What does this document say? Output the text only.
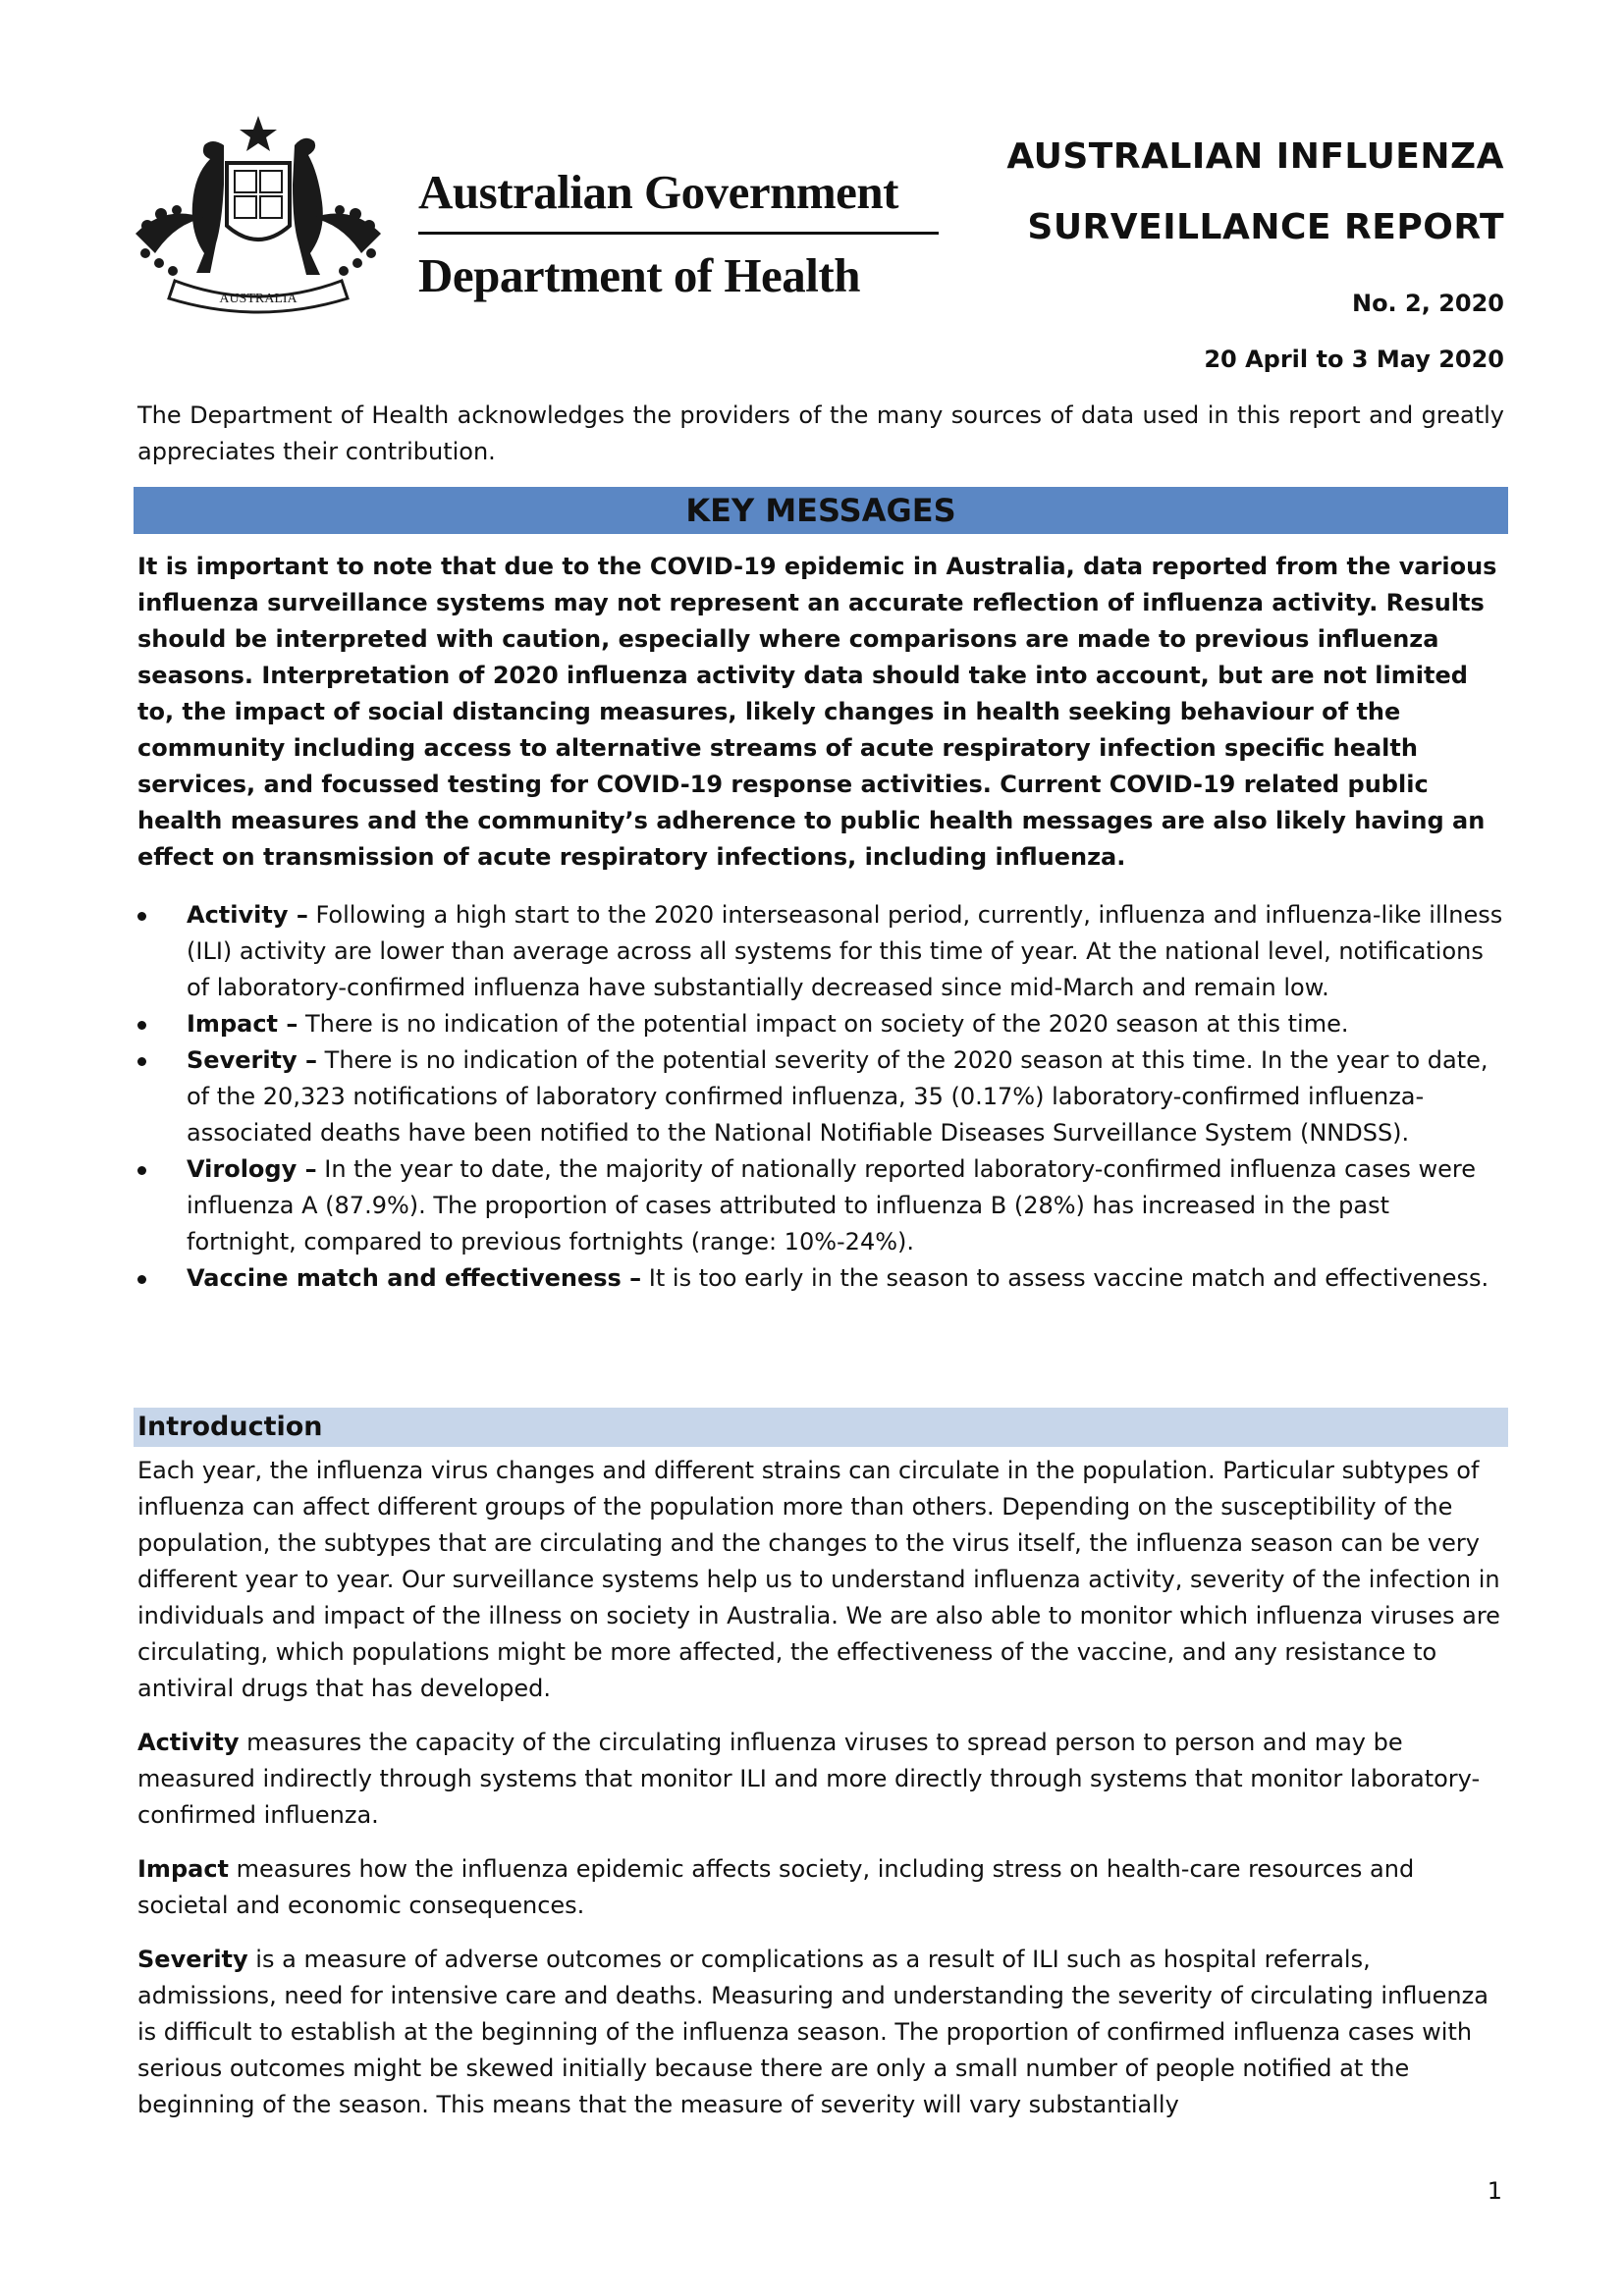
AUSTRALIA
Australian Government
Department of Health
AUSTRALIAN INFLUENZA
SURVEILLANCE REPORT
No. 2, 2020
20 April to 3 May 2020

The Department of Health acknowledges the providers of the many sources of data used in this report and greatly appreciates their contribution.

KEY MESSAGES

It is important to note that due to the COVID-19 epidemic in Australia, data reported from the various influenza surveillance systems may not represent an accurate reflection of influenza activity. Results should be interpreted with caution, especially where comparisons are made to previous influenza seasons. Interpretation of 2020 influenza activity data should take into account, but are not limited to, the impact of social distancing measures, likely changes in health seeking behaviour of the community including access to alternative streams of acute respiratory infection specific health services, and focussed testing for COVID-19 response activities. Current COVID-19 related public health measures and the community’s adherence to public health messages are also likely having an effect on transmission of acute respiratory infections, including influenza.

Activity – Following a high start to the 2020 interseasonal period, currently, influenza and influenza-like illness (ILI) activity are lower than average across all systems for this time of year. At the national level, notifications of laboratory-confirmed influenza have substantially decreased since mid-March and remain low.
Impact – There is no indication of the potential impact on society of the 2020 season at this time.
Severity – There is no indication of the potential severity of the 2020 season at this time. In the year to date, of the 20,323 notifications of laboratory confirmed influenza, 35 (0.17%) laboratory-confirmed influenza-associated deaths have been notified to the National Notifiable Diseases Surveillance System (NNDSS).
Virology – In the year to date, the majority of nationally reported laboratory-confirmed influenza cases were influenza A (87.9%). The proportion of cases attributed to influenza B (28%) has increased in the past fortnight, compared to previous fortnights (range: 10%-24%).
Vaccine match and effectiveness – It is too early in the season to assess vaccine match and effectiveness.
Introduction

Each year, the influenza virus changes and different strains can circulate in the population. Particular subtypes of influenza can affect different groups of the population more than others. Depending on the susceptibility of the population, the subtypes that are circulating and the changes to the virus itself, the influenza season can be very different year to year. Our surveillance systems help us to understand influenza activity, severity of the infection in individuals and impact of the illness on society in Australia. We are also able to monitor which influenza viruses are circulating, which populations might be more affected, the effectiveness of the vaccine, and any resistance to antiviral drugs that has developed.

Activity measures the capacity of the circulating influenza viruses to spread person to person and may be measured indirectly through systems that monitor ILI and more directly through systems that monitor laboratory-confirmed influenza.

Impact measures how the influenza epidemic affects society, including stress on health-care resources and societal and economic consequences.

Severity is a measure of adverse outcomes or complications as a result of ILI such as hospital referrals, admissions, need for intensive care and deaths. Measuring and understanding the severity of circulating influenza is difficult to establish at the beginning of the influenza season. The proportion of confirmed influenza cases with serious outcomes might be skewed initially because there are only a small number of people notified at the beginning of the season. This means that the measure of severity will vary substantially

1
